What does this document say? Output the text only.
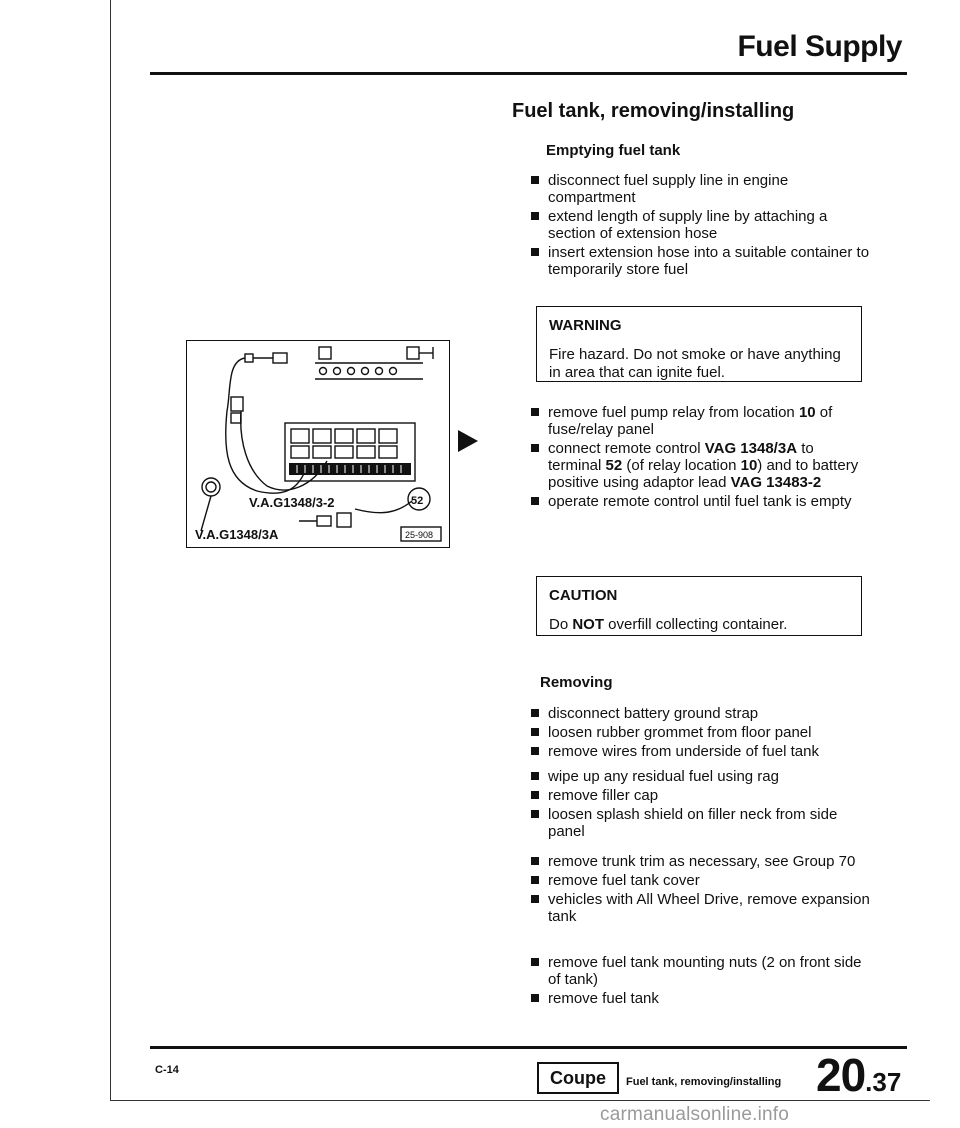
Fuel Supply
Fuel tank, removing/installing
Emptying fuel tank
disconnect fuel supply line in engine compartment
extend length of supply line by attaching a section of extension hose
insert extension hose into a suitable container to temporarily store fuel
WARNING
Fire hazard. Do not smoke or have anything in area that can ignite fuel.
remove fuel pump relay from location 10 of fuse/relay panel
connect remote control VAG 1348/3A to terminal 52 (of relay location 10) and to battery positive using adaptor lead VAG 13483-2
operate remote control until fuel tank is empty
CAUTION
Do NOT overfill collecting container.
Removing
disconnect battery ground strap
loosen rubber grommet from floor panel
remove wires from underside of fuel tank
wipe up any residual fuel using rag
remove filler cap
loosen splash shield on filler neck from side panel
remove trunk trim as necessary, see Group 70
remove fuel tank cover
vehicles with All Wheel Drive, remove expansion tank
remove fuel tank mounting nuts (2 on front side of tank)
remove fuel tank
V.A.G1348/3-2
V.A.G1348/3A
52
25-908
C-14	Coupe	Fuel tank, removing/installing 20.37
carmanualsonline.info
